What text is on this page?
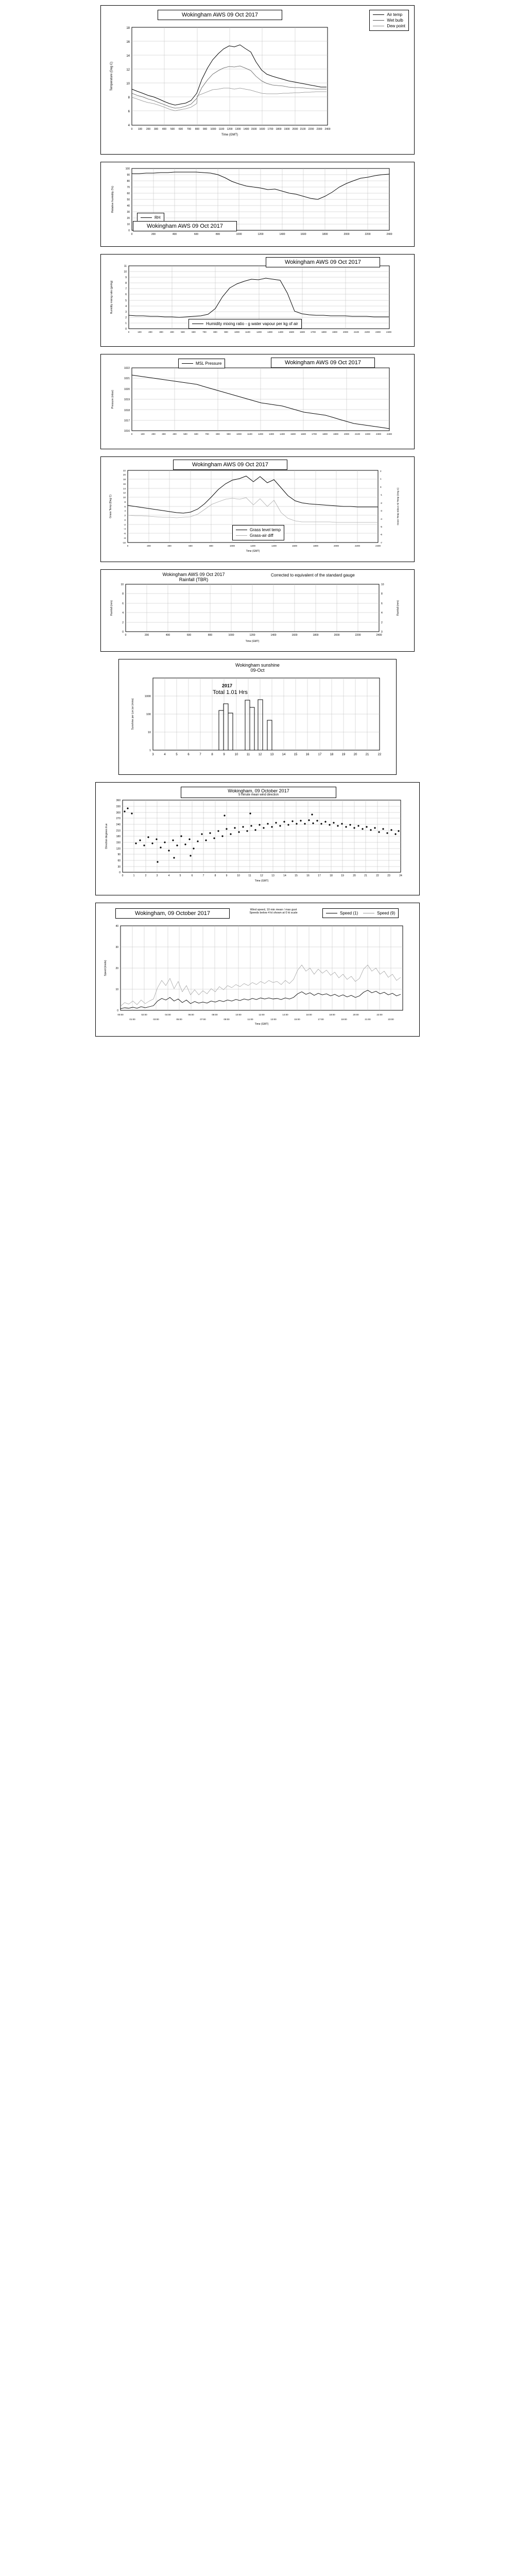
4
6
8
10
12
14
16
18
0 100 200 300 400 500 600 700 800 900 1000 1100 1200 1300 1400 1500 1600 1700 1800 1900 2000 2100 2200 2300 2400
Temperature (Deg C)
Time (GMT)
Wokingham AWS 09 Oct 2017	Air temp
Wet bulb
Dew point
0
10
20
30
40
50
60
70
80
90
100
0	200	400	600	800	1000	1200	1400	1600	1800	2000	2200	2400
Relative humidity (%)
RH
Wokingham AWS 09 Oct 2017
0
1
2
3
4
5
6
7
8
9
10
11
0	100	200	300	400	500	600	700	800	900	1000 1100	1200 1300 1400 1500 1600 1700 1800 1900 2000 2100 2200 2300 2400
Humidity mixing ratio (gm/kg)
Wokingham AWS 09 Oct 2017
Humidity mixing ratio - g water vapour per kg of air
1016
1017
1018
1019
1020
1021
1022
0	100	200	300	400	500	600	700	800	900 1000 1100 1200 1300 1400 1500 1600 1700 1800 1900 2000 2100 2200 2300 2400
Pressure (mbar)
MSL Pressure	Wokingham AWS 09 Oct 2017
-10
-8
-6
-4
-2
0
2
4
6
8
10
12
14
16
18
20
22
-7
-6
-5
-4
-3
-2
-1
0
1
2
0	200	400	600	800	1000	1200	1400	1600	1800	2000	2200	2400
Grass Temp (Deg C)	Grass Temp minus Air Temp (Deg C)
Time (GMT)
Wokingham AWS 09 Oct 2017
Grass level temp
Grass-air diff
0
2
4
6
8
10
0
2
4
6
8
10
0	200	400	600	800	1000	1200	1400	1600	1800	2000	2200	2400
Rainfall (mm)	Rainfall (mm)
Time (GMT)
Wokingham AWS 09 Oct 2017
Rainfall (TBR)
Corrected to equivalent of the standard gauge
1
10
100
1000
3	4	5	6	7	8	9	10	11	12	13	14	15	16	17	18	19	20	21	22
Sunshine per (un-)ar (mins)
Wokingham sunshine
09-Oct
2017
Total 1.01 Hrs
0
30
60
90
120
150
180
210
240
270
300
330
360
0	1	2	3	4	5	6	7	8	9	10	11	12	13	14	15	16	17	18	19	20	21	22	23	24
Direction degrees true
Time (GMT)
Wokingham, 09 October 2017
5 minute mean wind direction
0
10
20
30
40
00:00	02:00	04:00	06:00	08:00	10:00	12:00	14:00	16:00	18:00	20:00	22:00
01:00	03:00	05:00	07:00	09:00	11:00	13:00	15:00	17:00	19:00	21:00	23:00
Speed (knots)
Time (GMT)
Wokingham, 09 October 2017
Wind speed, 10 min mean / max gust
Speeds below 4 kt shown at 0 kt scale	Speed (1)	Speed (9)
